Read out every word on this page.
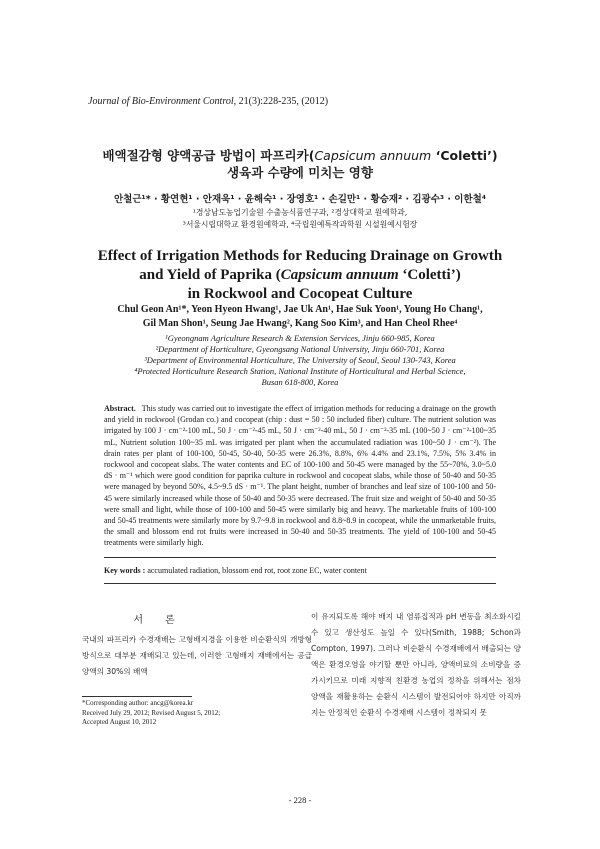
Journal of Bio-Environment Control, 21(3):228-235, (2012)
배액절감형 양액공급 방법이 파프리카(Capsicum annuum ‘Coletti’)
생육과 수량에 미치는 영향
안철근¹* · 황연현¹ · 안재욱¹ · 윤해숙¹ · 장영호¹ · 손길만¹ · 황승재² · 김광수³ · 이한철⁴
¹경상남도농업기술원 수출농식품연구과, ²경상대학교 원예학과,
³서울시립대학교 환경원예학과, ⁴국립원예특작과학원 시설원예시험장
Effect of Irrigation Methods for Reducing Drainage on Growth
and Yield of Paprika (Capsicum annuum ‘Coletti’)
in Rockwool and Cocopeat Culture
Chul Geon An¹*, Yeon Hyeon Hwang¹, Jae Uk An¹, Hae Suk Yoon¹, Young Ho Chang¹,
Gil Man Shon¹, Seung Jae Hwang², Kang Soo Kim³, and Han Cheol Rhee⁴
¹Gyeongnam Agriculture Research & Extension Services, Jinju 660-985, Korea
²Department of Horticulture, Gyeongsang National University, Jinju 660-701, Korea
³Department of Environmental Horticulture, The University of Seoul, Seoul 130-743, Korea
⁴Protected Horticulture Research Station, National Institute of Horticultural and Herbal Science,
Busan 618-800, Korea
Abstract. This study was carried out to investigate the effect of irrigation methods for reducing a drainage on the growth and yield in rockwool (Grodan co.) and cocopeat (chip : dust = 50 : 50 included fiber) culture. The nutrient solution was irrigated by 100 J · cm⁻²-100 mL, 50 J · cm⁻²-45 mL, 50 J · cm⁻²-40 mL, 50 J · cm⁻²-35 mL (100~50 J · cm⁻²-100~35 mL, Nutrient solution 100~35 mL was irrigated per plant when the accumulated radiation was 100~50 J · cm⁻²). The drain rates per plant of 100-100, 50-45, 50-40, 50-35 were 26.3%, 8.8%, 6% 4.4% and 23.1%, 7.5%, 5% 3.4% in rockwool and cocopeat slabs. The water contents and EC of 100-100 and 50-45 were managed by the 55~70%, 3.0~5.0 dS · m⁻¹ which were good condition for paprika culture in rockwool and cocopeat slabs, while those of 50-40 and 50-35 were managed by beyond 50%, 4.5~9.5 dS · m⁻¹. The plant height, number of branches and leaf size of 100-100 and 50-45 were similarly increased while those of 50-40 and 50-35 were decreased. The fruit size and weight of 50-40 and 50-35 were small and light, while those of 100-100 and 50-45 were similarly big and heavy. The marketable fruits of 100-100 and 50-45 treatments were similarly more by 9.7~9.8 in rockwool and 8.8~8.9 in cocopeat, while the unmarketable fruits, the small and blossom end rot fruits were increased in 50-40 and 50-35 treatments. The yield of 100-100 and 50-45 treatments were similarly high.
Key words : accumulated radiation, blossom end rot, root zone EC, water content
서론
국내의 파프리카 수경재배는 고형배지경을 이용한 비순환식의 개방형 방식으로 대부분 재배되고 있는데, 이러한 고형배지 재배에서는 공급 양액의 30%의 배액
이 유지되도록 해야 배지 내 염류집적과 pH 변동을 최소화시킬 수 있고 생산성도 높일 수 있다(Smith, 1988; Schon과 Compton, 1997). 그러나 비순환식 수경재배에서 배출되는 양액은 환경오염을 야기할 뿐만 아니라, 양액비료의 소비량을 증가시키므로 미래 지향적 친환경 농업의 정착을 위해서는 점차 양액을 재활용하는 순환식 시스템이 발전되어야 하지만 아직까지는 안정적인 순환식 수경재배 시스템이 정착되지 못
*Corresponding author: ancg@korea.kr
Received July 29, 2012; Revised August 5, 2012;
Accepted August 10, 2012
- 228 -
